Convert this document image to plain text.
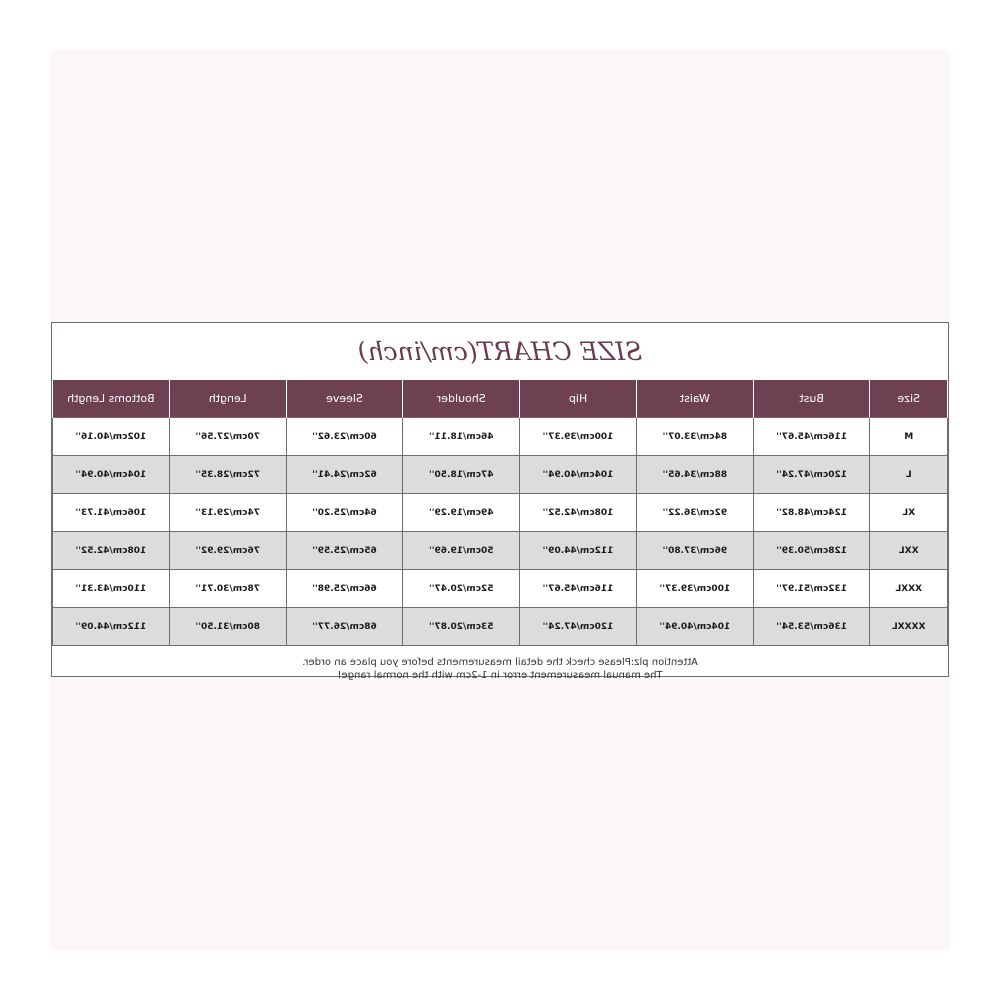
SIZE CHART(cm/inch)
Size	Bust	Waist	Hip	Shoulder	Sleeve	Length	Bottoms Length
M	116cm/45.67''	84cm/33.07''	100cm/39.37''	46cm/18.11''	60cm/23.62''	70cm/27.56''	102cm/40.16''
L	120cm/47.24''	88cm/34.65''	104cm/40.94''	47cm/18.50''	62cm/24.41''	72cm/28.35''	104cm/40.94''
XL	124cm/48.82''	92cm/36.22''	108cm/42.52''	49cm/19.29''	64cm/25.20''	74cm/29.13''	106cm/41.73''
XXL	128cm/50.39''	96cm/37.80''	112cm/44.09''	50cm/19.69''	65cm/25.59''	76cm/29.92''	108cm/42.52''
XXXL	132cm/51.97''	100cm/39.37''	116cm/45.67''	52cm/20.47''	66cm/25.98''	78cm/30.71''	110cm/43.31''
XXXXL	136cm/53.54''	104cm/40.94''	120cm/47.24''	53cm/20.87''	68cm/26.77''	80cm/31.50''	112cm/44.09''
Attention plz:Please check the detail measurements before you place an order.
The manual measurement error in 1-2cm with the normal range!
